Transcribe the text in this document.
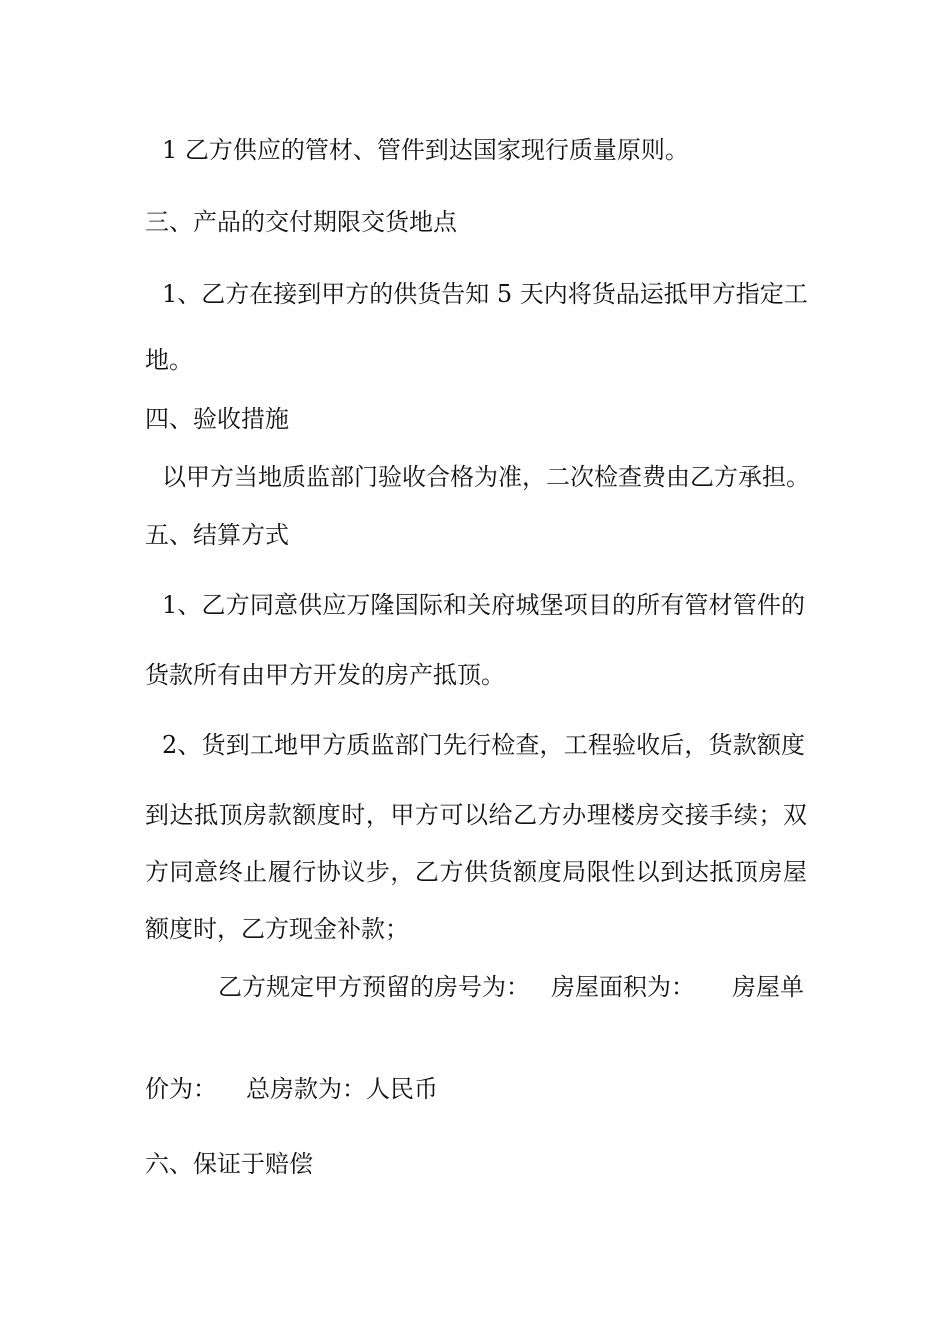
1 乙方供应的管材、管件到达国家现行质量原则。
三、产品的交付期限交货地点
1、乙方在接到甲方的供货告知 5 天内将货品运抵甲方指定工
地。
四、验收措施
以甲方当地质监部门验收合格为准，二次检查费由乙方承担。
五、结算方式
1、乙方同意供应万隆国际和关府城堡项目的所有管材管件的
货款所有由甲方开发的房产抵顶。
2、货到工地甲方质监部门先行检查，工程验收后，货款额度
到达抵顶房款额度时，甲方可以给乙方办理楼房交接手续；双
方同意终止履行协议步，乙方供货额度局限性以到达抵顶房屋
额度时，乙方现金补款；
乙方规定甲方预留的房号为： 房屋面积为： 房屋单
价为： 总房款为：人民币
六、保证于赔偿
